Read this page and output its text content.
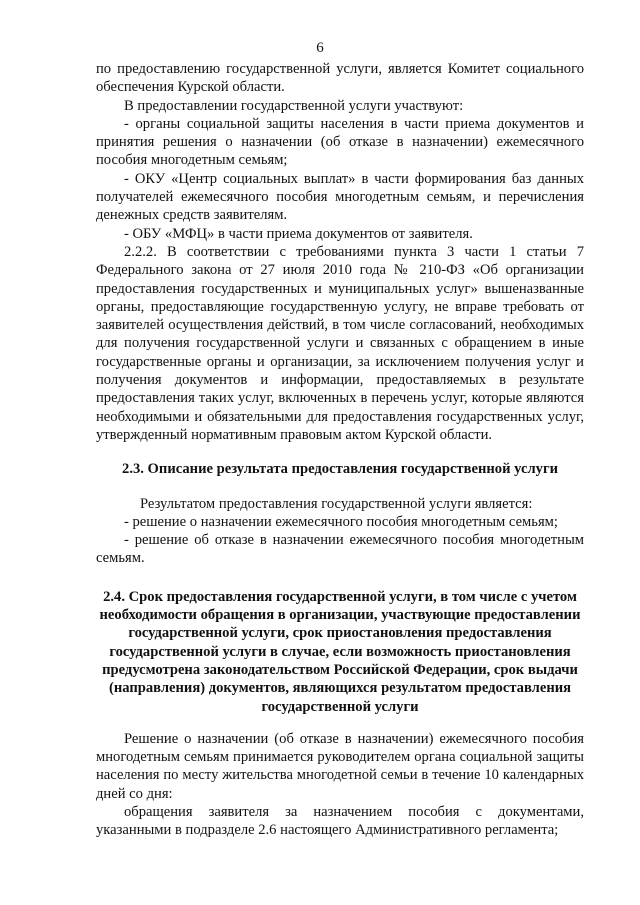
6

по предоставлению государственной услуги, является Комитет социального обеспечения Курской области.

В предоставлении государственной услуги участвуют:

- органы социальной защиты населения в части приема документов и принятия решения о назначении (об отказе в назначении) ежемесячного пособия многодетным семьям;

- ОКУ «Центр социальных выплат» в части формирования баз данных получателей ежемесячного пособия многодетным семьям, и перечисления денежных средств заявителям.

- ОБУ «МФЦ» в части приема документов от заявителя.

2.2.2. В соответствии с требованиями пункта 3 части 1 статьи 7 Федерального закона от 27 июля 2010 года № 210-ФЗ «Об организации предоставления государственных и муниципальных услуг» вышеназванные органы, предоставляющие государственную услугу, не вправе требовать от заявителей осуществления действий, в том числе согласований, необходимых для получения государственной услуги и связанных с обращением в иные государственные органы и организации, за исключением получения услуг и получения документов и информации, предоставляемых в результате предоставления таких услуг, включенных в перечень услуг, которые являются необходимыми и обязательными для предоставления государственных услуг, утвержденный нормативным правовым актом Курской области.

2.3. Описание результата предоставления государственной услуги

Результатом предоставления государственной услуги является:

- решение о назначении ежемесячного пособия многодетным семьям;

- решение об отказе в назначении ежемесячного пособия многодетным семьям.

2.4. Срок предоставления государственной услуги, в том числе с учетом необходимости обращения в организации, участвующие предоставлении государственной услуги, срок приостановления предоставления государственной услуги в случае, если возможность приостановления предусмотрена законодательством Российской Федерации, срок выдачи (направления) документов, являющихся результатом предоставления государственной услуги

Решение о назначении (об отказе в назначении) ежемесячного пособия многодетным семьям принимается руководителем органа социальной защиты населения по месту жительства многодетной семьи в течение 10 календарных дней со дня:

обращения заявителя за назначением пособия с документами, указанными в подразделе 2.6 настоящего Административного регламента;
